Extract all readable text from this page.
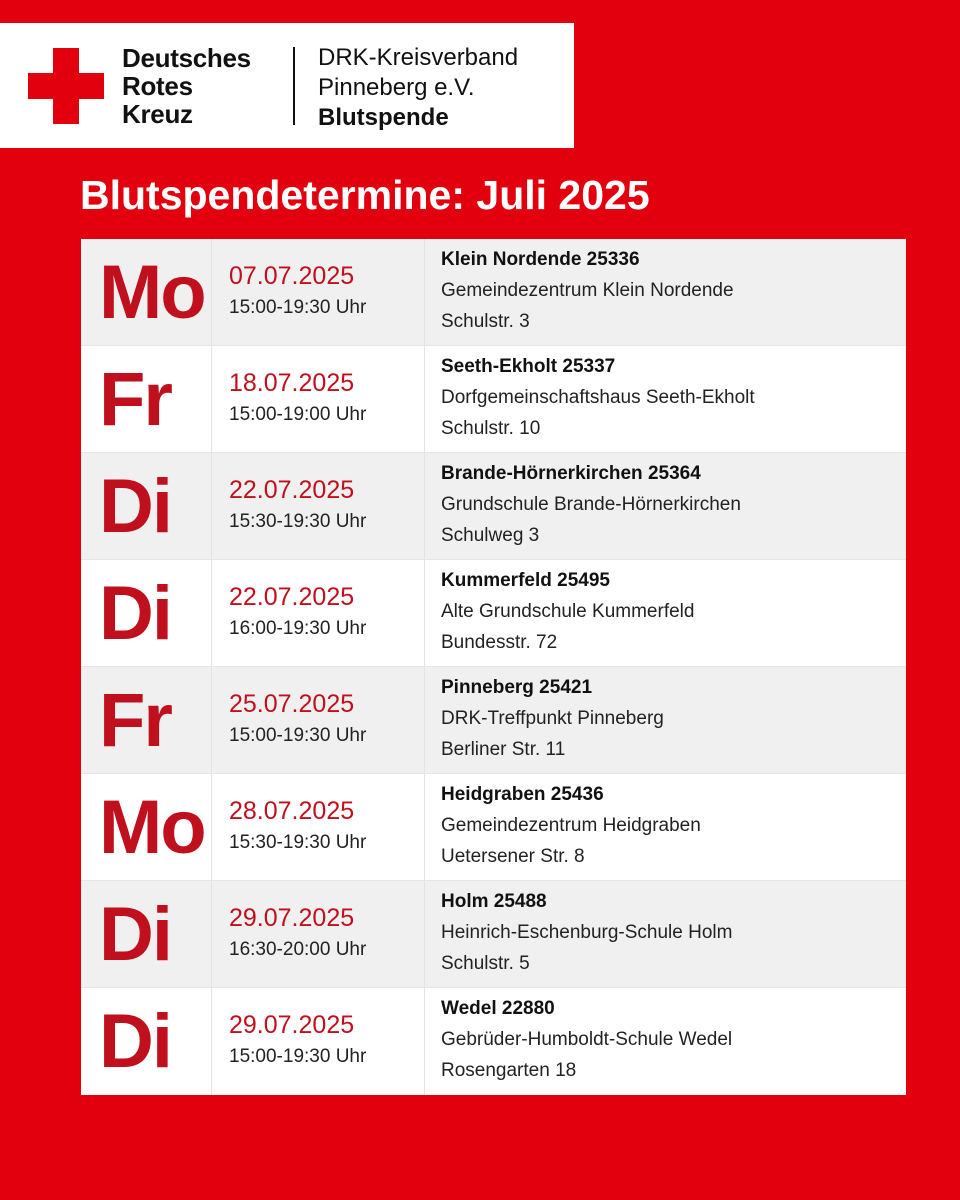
Deutsches
Rotes
Kreuz
DRK-Kreisverband
Pinneberg e.V.
Blutspende
Blutspendetermine: Juli 2025
Mo 07.07.2025
15:00-19:30 Uhr
Klein Nordende 25336
Gemeindezentrum Klein Nordende
Schulstr. 3
Fr 18.07.2025
15:00-19:00 Uhr
Seeth-Ekholt 25337
Dorfgemeinschaftshaus Seeth-Ekholt
Schulstr. 10
Di 22.07.2025
15:30-19:30 Uhr
Brande-Hörnerkirchen 25364
Grundschule Brande-Hörnerkirchen
Schulweg 3
Di 22.07.2025
16:00-19:30 Uhr
Kummerfeld 25495
Alte Grundschule Kummerfeld
Bundesstr. 72
Fr 25.07.2025
15:00-19:30 Uhr
Pinneberg 25421
DRK-Treffpunkt Pinneberg
Berliner Str. 11
Mo 28.07.2025
15:30-19:30 Uhr
Heidgraben 25436
Gemeindezentrum Heidgraben
Uetersener Str. 8
Di 29.07.2025
16:30-20:00 Uhr
Holm 25488
Heinrich-Eschenburg-Schule Holm
Schulstr. 5
Di 29.07.2025
15:00-19:30 Uhr
Wedel 22880
Gebrüder-Humboldt-Schule Wedel
Rosengarten 18
